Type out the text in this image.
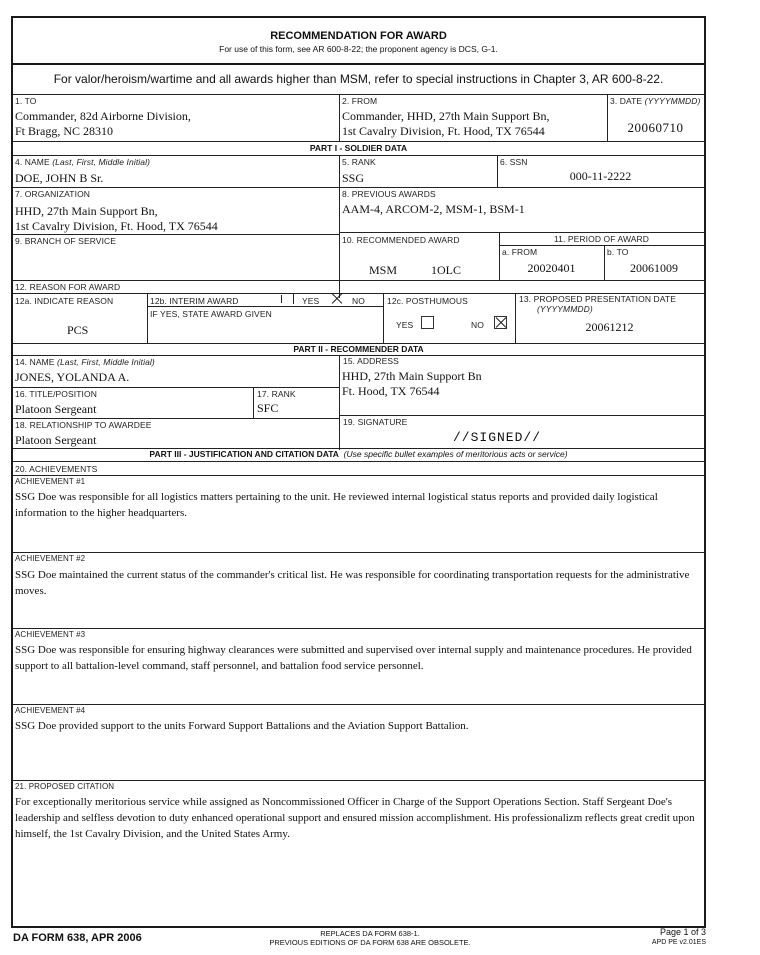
RECOMMENDATION FOR AWARD
For use of this form, see AR 600-8-22; the proponent agency is DCS, G-1.
For valor/heroism/wartime and all awards higher than MSM, refer to special instructions in Chapter 3, AR 600-8-22.
1. TO
Commander, 82d Airborne Division,
Ft Bragg, NC 28310
2. FROM
Commander, HHD, 27th Main Support Bn,
1st Cavalry Division, Ft. Hood, TX 76544
3. DATE (YYYYMMDD)
20060710
PART I - SOLDIER DATA
4. NAME (Last, First, Middle Initial)
DOE, JOHN B Sr.
5. RANK
SSG
6. SSN
000-11-2222
7. ORGANIZATION
HHD, 27th Main Support Bn,
1st Cavalry Division, Ft. Hood, TX 76544
8. PREVIOUS AWARDS
AAM-4, ARCOM-2, MSM-1, BSM-1
9. BRANCH OF SERVICE	10. RECOMMENDED AWARD
MSM	1OLC
11. PERIOD OF AWARD
a. FROM
20020401
b. TO
20061009
12. REASON FOR AWARD
12a. INDICATE REASON
PCS
12b. INTERIM AWARD	YES	NO
IF YES, STATE AWARD GIVEN
12c. POSTHUMOUS
YES	NO
13. PROPOSED PRESENTATION DATE
(YYYYMMDD)
20061212
PART II - RECOMMENDER DATA
14. NAME (Last, First, Middle Initial)
JONES, YOLANDA A.
15. ADDRESS
HHD, 27th Main Support Bn
Ft. Hood, TX 76544
16. TITLE/POSITION
Platoon Sergeant
17. RANK
SFC
18. RELATIONSHIP TO AWARDEE
Platoon Sergeant
19. SIGNATURE
//SIGNED//
PART III - JUSTIFICATION AND CITATION DATA (Use specific bullet examples of meritorious acts or service)
20. ACHIEVEMENTS
ACHIEVEMENT #1
SSG Doe was responsible for all logistics matters pertaining to the unit. He reviewed internal logistical status reports and provided daily logistical information to the higher headquarters.
ACHIEVEMENT #2
SSG Doe maintained the current status of the commander's critical list. He was responsible for coordinating transportation requests for the administrative moves.
ACHIEVEMENT #3
SSG Doe was responsible for ensuring highway clearances were submitted and supervised over internal supply and maintenance procedures. He provided support to all battalion-level command, staff personnel, and battalion food service personnel.
ACHIEVEMENT #4
SSG Doe provided support to the units Forward Support Battalions and the Aviation Support Battalion.
21. PROPOSED CITATION
For exceptionally meritorious service while assigned as Noncommissioned Officer in Charge of the Support Operations Section. Staff Sergeant Doe's leadership and selfless devotion to duty enhanced operational support and ensured mission accomplishment. His professionalizm reflects great credit upon himself, the 1st Cavalry Division, and the United States Army.
DA FORM 638, APR 2006	REPLACES DA FORM 638-1.
PREVIOUS EDITIONS OF DA FORM 638 ARE OBSOLETE.
Page 1 of 3
APD PE v2.01ES
